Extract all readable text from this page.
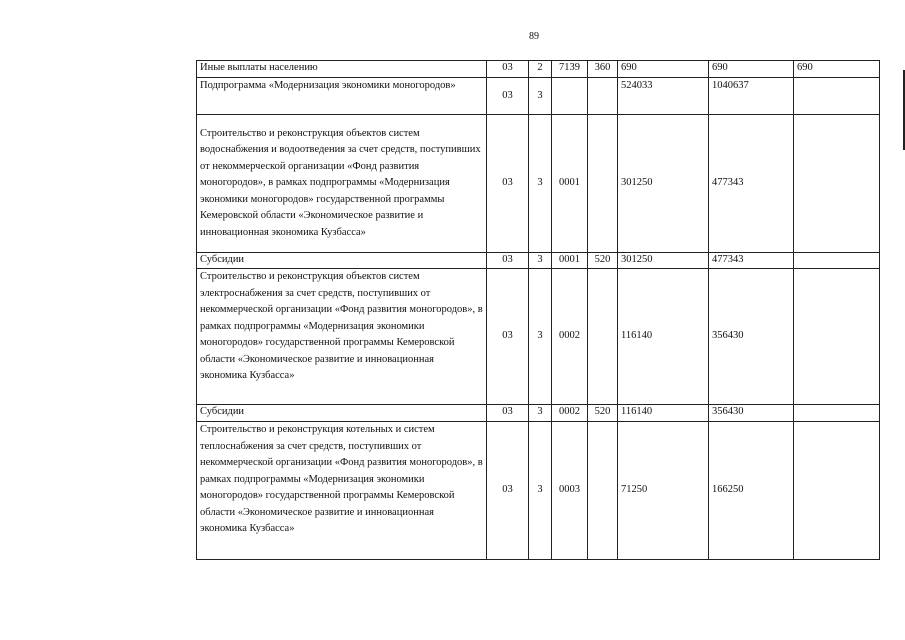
89
Иные выплаты населению	03	2	7139	360	690	690	690
Подпрограмма «Модернизация экономики моногородов»	03	3			524033	1040637	
Строительство и реконструкция объектов систем водоснабжения и водоотведения за счет средств, поступивших от некоммерческой организации «Фонд развития моногородов», в рамках подпрограммы «Модернизация экономики моногородов» государственной программы Кемеровской области «Экономическое развитие и инновационная экономика Кузбасса»	03	3	0001		301250	477343	
Субсидии	03	3	0001	520	301250	477343	
Строительство и реконструкция объектов систем электроснабжения за счет средств, поступивших от некоммерческой организации «Фонд развития моногородов», в рамках подпрограммы «Модернизация экономики моногородов» государственной программы Кемеровской области «Экономическое развитие и инновационная экономика Кузбасса»	03	3	0002		116140	356430	
Субсидии	03	3	0002	520	116140	356430	
Строительство и реконструкция котельных и систем теплоснабжения за счет средств, поступивших от некоммерческой организации «Фонд развития моногородов», в рамках подпрограммы «Модернизация экономики моногородов» государственной программы Кемеровской области «Экономическое развитие и инновационная экономика Кузбасса»	03	3	0003		71250	166250	
